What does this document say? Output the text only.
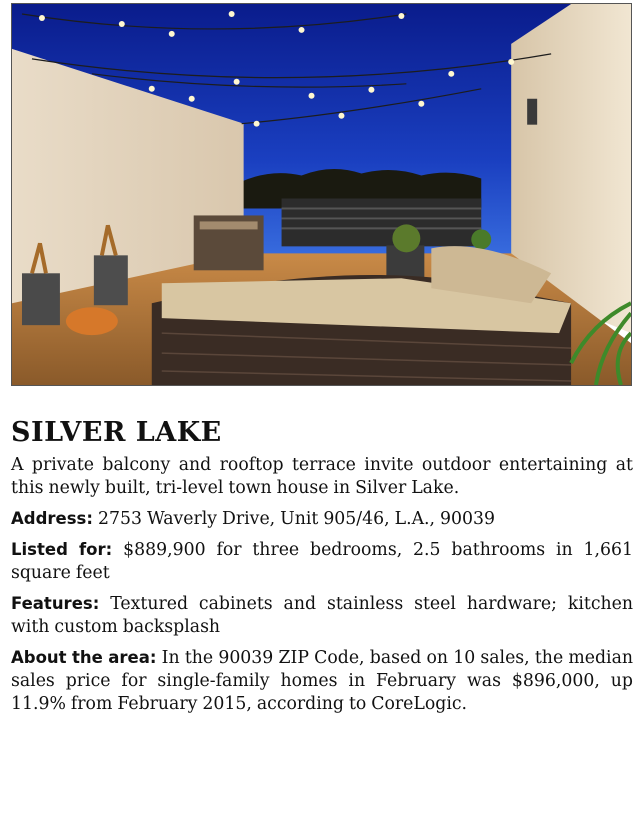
SILVER LAKE

A private balcony and rooftop terrace invite outdoor entertaining at this newly built, tri-level town house in Silver Lake.

Address: 2753 Waverly Drive, Unit 905/46, L.A., 90039

Listed for: $889,900 for three bedrooms, 2.5 bathrooms in 1,661 square feet

Features: Textured cabinets and stainless steel hardware; kitchen with custom backsplash

About the area: In the 90039 ZIP Code, based on 10 sales, the median sales price for single-family homes in February was $896,000, up 11.9% from February 2015, according to CoreLogic.
